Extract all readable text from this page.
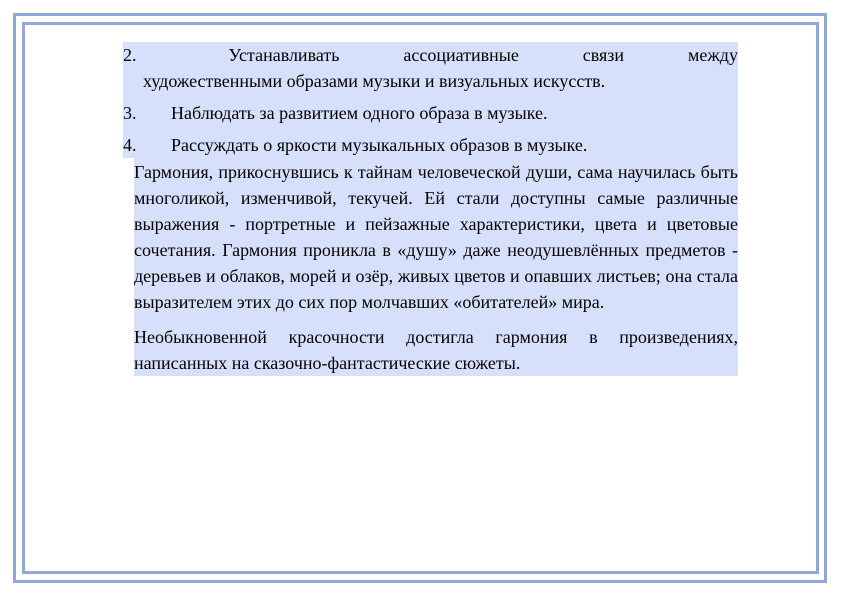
2.	Устанавливать	ассоциативные	связи	между
художественными образами музыки и визуальных искусств.
3. Наблюдать за развитием одного образа в музыке.
4. Рассуждать о яркости музыкальных образов в музыке.

Гармония, прикоснувшись к тайнам человеческой души, сама научилась быть многоликой, изменчивой, текучей. Ей стали доступны самые различные выражения - портретные и пейзажные характеристики, цвета и цветовые сочетания. Гармония проникла в «душу» даже неодушевлённых предметов - деревьев и облаков, морей и озёр, живых цветов и опавших листьев; она стала выразителем этих до сих пор молчавших «обитателей» мира.

Необыкновенной красочности достигла гармония в произведениях, написанных на сказочно-фантастические сюжеты.
